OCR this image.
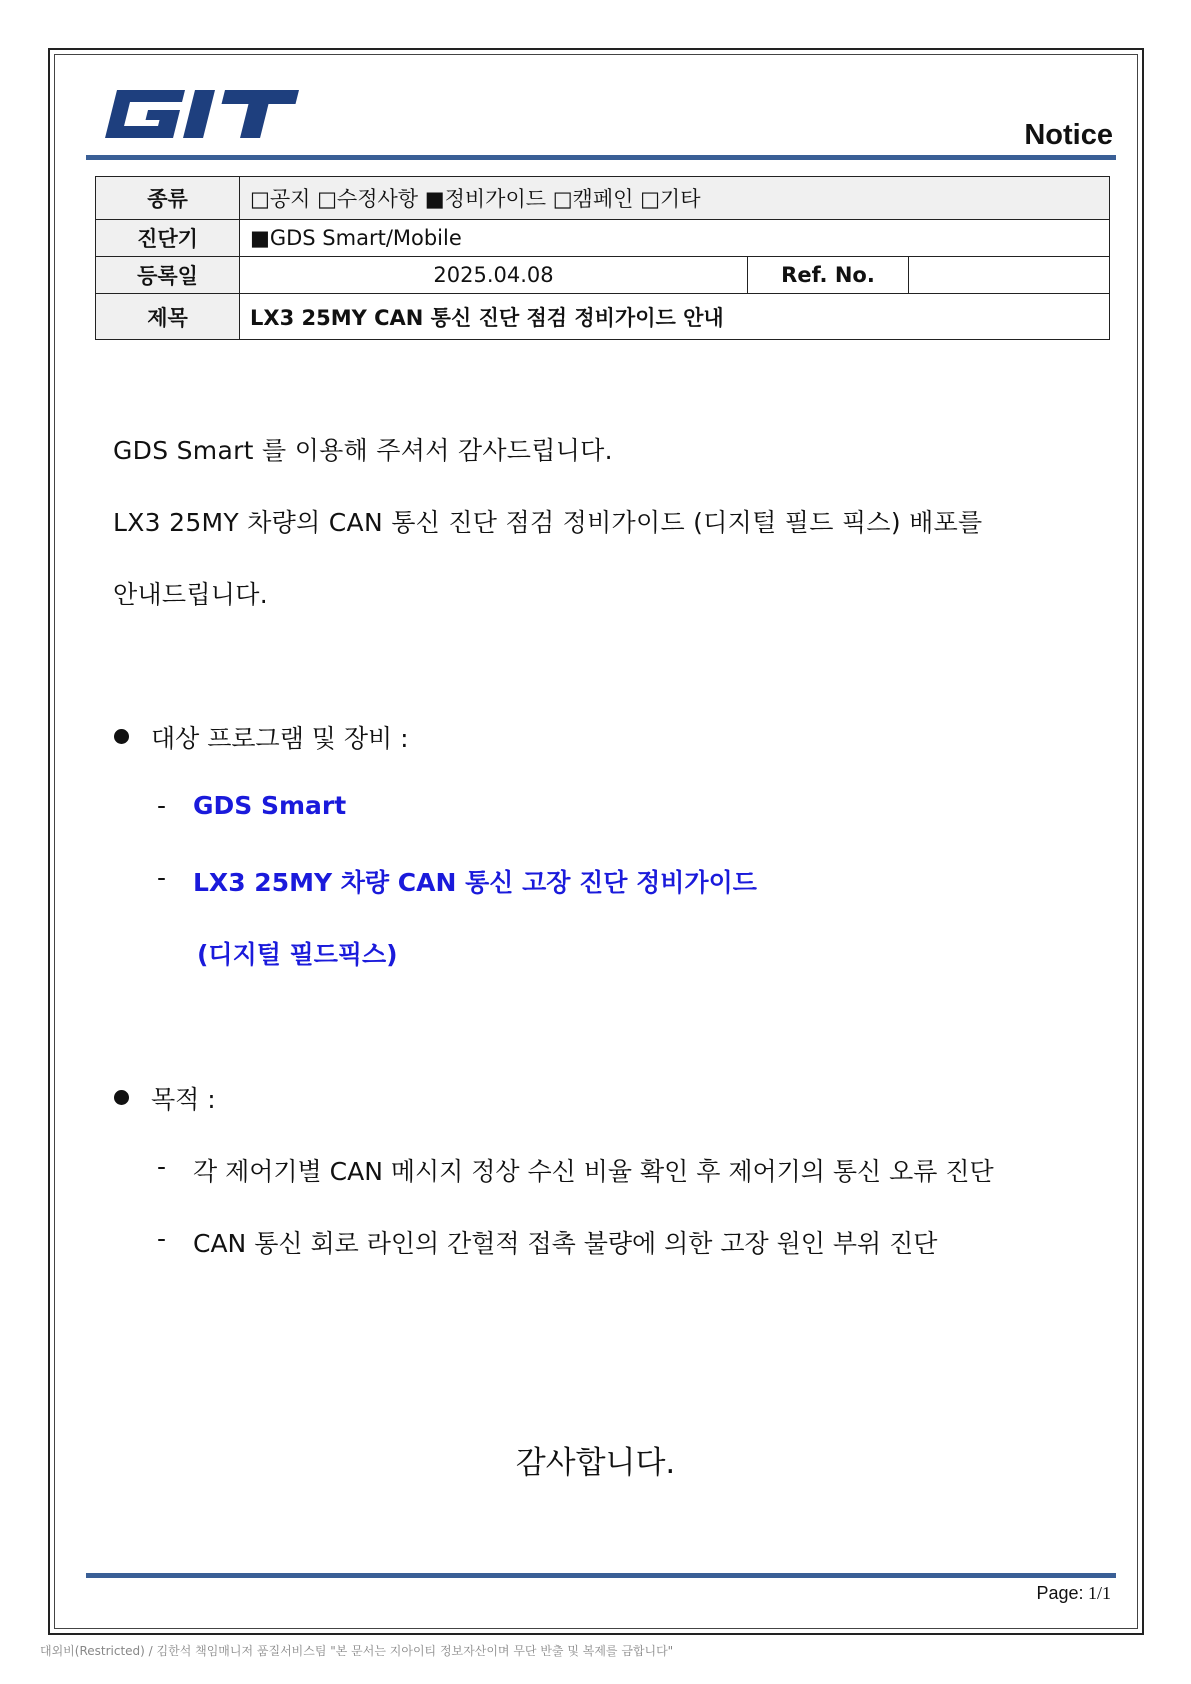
Notice
종류	□공지 □수정사항 ■정비가이드 □캠페인 □기타		
진단기	■GDS Smart/Mobile		
등록일	2025.04.08	Ref. No.	
제목	LX3 25MY CAN 통신 진단 점검 정비가이드 안내		
GDS Smart 를 이용해 주셔서 감사드립니다.
LX3 25MY 차량의 CAN 통신 진단 점검 정비가이드 (디지털 필드 픽스) 배포를
안내드립니다.
대상 프로그램 및 장비 :
- GDS Smart
- LX3 25MY 차량 CAN 통신 고장 진단 정비가이드
(디지털 필드픽스)
목적 :
- 각 제어기별 CAN 메시지 정상 수신 비율 확인 후 제어기의 통신 오류 진단
- CAN 통신 회로 라인의 간헐적 접촉 불량에 의한 고장 원인 부위 진단
감사합니다.
Page: 1/1
대외비(Restricted) / 김한석 책임매니저 품질서비스팀 "본 문서는 지아이티 정보자산이며 무단 반출 및 복제를 금합니다"
